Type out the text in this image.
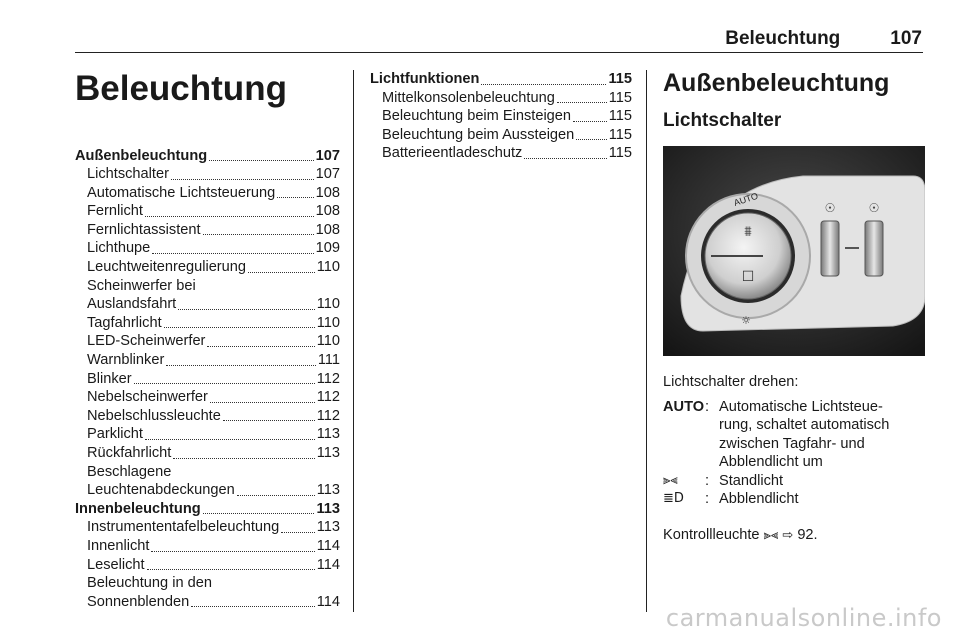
Beleuchtung	107
Beleuchtung
Außenbeleuchtung	107
Lichtschalter	107
Automatische Lichtsteuerung	108
Fernlicht	108
Fernlichtassistent	108
Lichthupe	109
Leuchtweitenregulierung	110
Scheinwerfer bei
Auslandsfahrt	110
Tagfahrlicht	110
LED-Scheinwerfer	110
Warnblinker	111
Blinker	112
Nebelscheinwerfer	112
Nebelschlussleuchte	112
Parklicht	113
Rückfahrlicht	113
Beschlagene
Leuchtenabdeckungen	113
Innenbeleuchtung	113
Instrumententafelbeleuchtung	113
Innenlicht	114
Leselicht	114
Beleuchtung in den
Sonnenblenden	114
Lichtfunktionen	115
Mittelkonsolenbeleuchtung	115
Beleuchtung beim Einsteigen	115
Beleuchtung beim Aussteigen 115
Batterieentladeschutz	115
Außenbeleuchtung
Lichtschalter
⩩
☐
AUTO
☼
☉	☉
Lichtschalter drehen:
AUTO : Automatische Lichtsteue-
rung, schaltet automatisch
zwischen Tagfahr- und
Abblendlicht um
⫸⫷	: Standlicht
≣D	: Abblendlicht
Kontrollleuchte ⫸⫷ ⇨ 92.
carmanualsonline.info
